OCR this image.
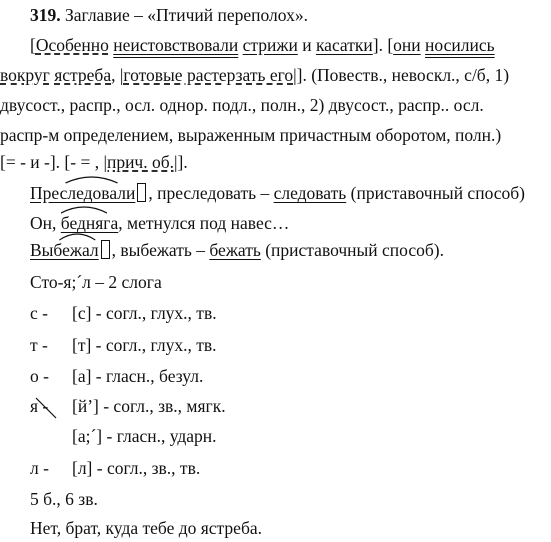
319. Заглавие – «Птичий переполох».
[Особенно неистовствовали стрижи и касатки]. [они носились
вокруг ястреба, |готовые растерзать его|]. (Повеств., невоскл., с/б, 1)
двусост., распр., осл. однор. подл., полн., 2) двусост., распр.. осл.
распр-м определением, выраженным причастным оборотом, полн.)
[= - и -]. [- = , |прич. об.|].
Преследовали , преследовать – следовать (приставочный способ)
Он, бедняга, метнулся под навес…
Выбежал , выбежать – бежать (приставочный способ).
Сто-я;´л – 2 слога
с - [с] - согл., глух., тв.
т - [т] - согл., глух., тв.
о - [а] - гласн., безул.
я - [й’] - согл., зв., мягк.
[а;´] - гласн., ударн.
л - [л] - согл., зв., тв.
5 б., 6 зв.
Нет, брат, куда тебе до ястреба.
